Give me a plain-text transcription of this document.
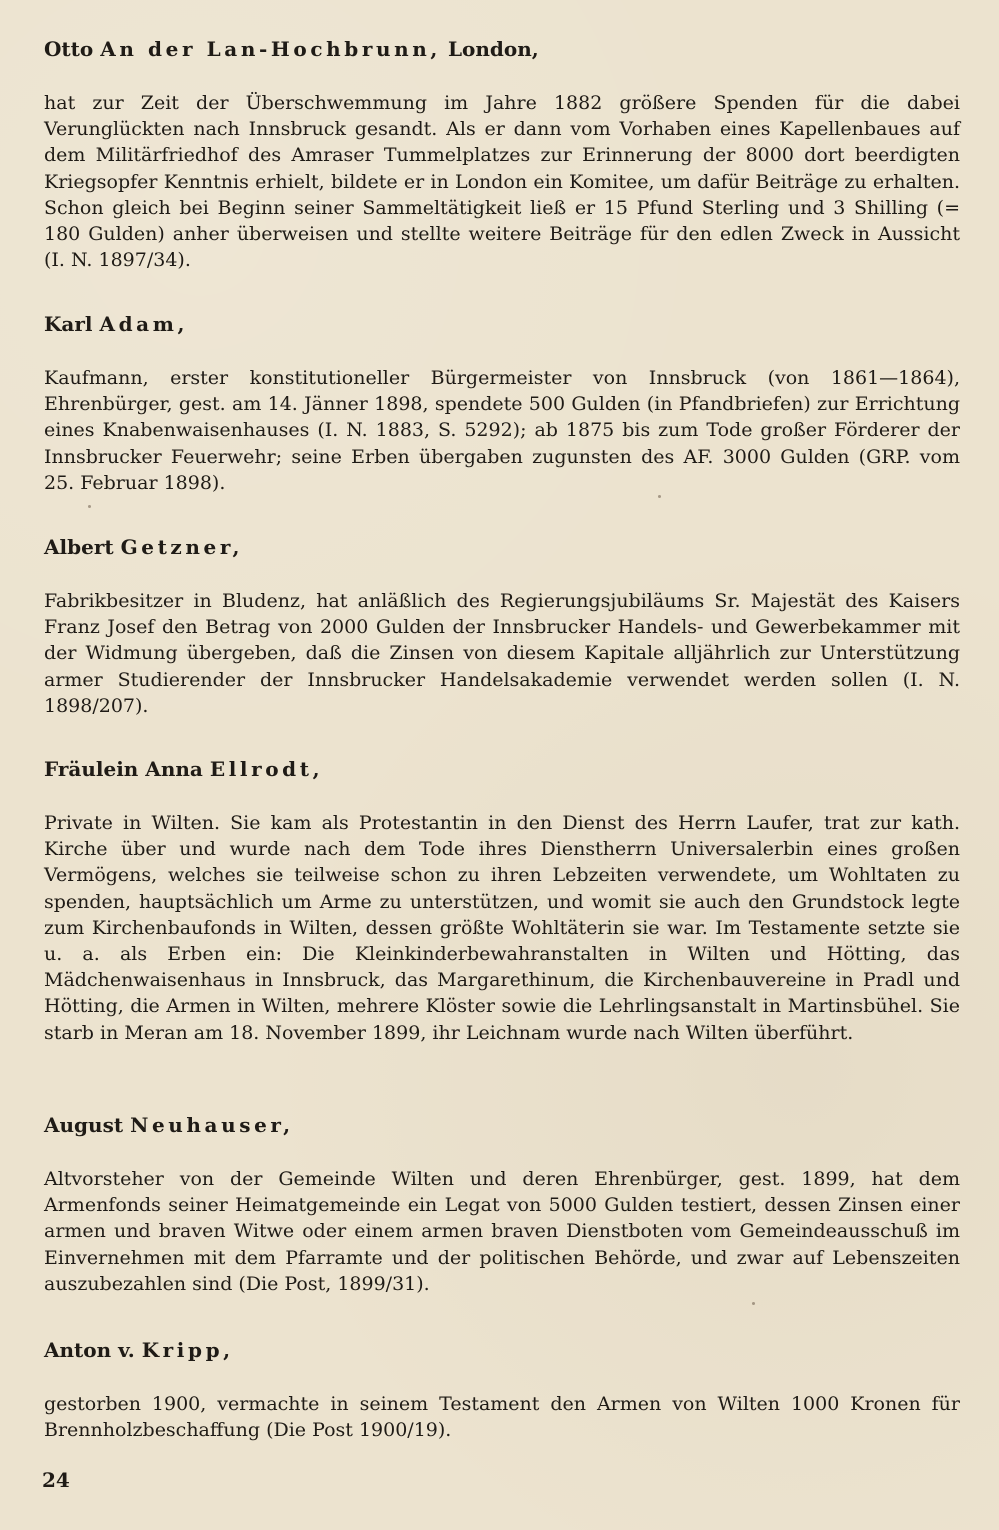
Otto An der Lan-Hochbrunn, London,

hat zur Zeit der Überschwemmung im Jahre 1882 größere Spenden für die dabei Verunglückten nach Innsbruck gesandt. Als er dann vom Vorhaben eines Kapellenbaues auf dem Militärfriedhof des Amraser Tummelplatzes zur Erinnerung der 8000 dort beerdigten Kriegsopfer Kenntnis erhielt, bildete er in London ein Komitee, um dafür Beiträge zu erhalten. Schon gleich bei Beginn seiner Sammeltätigkeit ließ er 15 Pfund Sterling und 3 Shilling (= 180 Gulden) anher überweisen und stellte weitere Beiträge für den edlen Zweck in Aussicht (I. N. 1897/34).

Karl Adam,

Kaufmann, erster konstitutioneller Bürgermeister von Innsbruck (von 1861—1864), Ehrenbürger, gest. am 14. Jänner 1898, spendete 500 Gulden (in Pfandbriefen) zur Errichtung eines Knabenwaisenhauses (I. N. 1883, S. 5292); ab 1875 bis zum Tode großer Förderer der Innsbrucker Feuerwehr; seine Erben übergaben zugunsten des AF. 3000 Gulden (GRP. vom 25. Februar 1898).

Albert Getzner,

Fabrikbesitzer in Bludenz, hat anläßlich des Regierungsjubiläums Sr. Majestät des Kaisers Franz Josef den Betrag von 2000 Gulden der Innsbrucker Handels- und Gewerbekammer mit der Widmung übergeben, daß die Zinsen von diesem Kapitale alljährlich zur Unterstützung armer Studierender der Innsbrucker Handelsakademie verwendet werden sollen (I. N. 1898/207).

Fräulein Anna Ellrodt,

Private in Wilten. Sie kam als Protestantin in den Dienst des Herrn Laufer, trat zur kath. Kirche über und wurde nach dem Tode ihres Dienstherrn Universalerbin eines großen Vermögens, welches sie teilweise schon zu ihren Lebzeiten verwendete, um Wohltaten zu spenden, hauptsächlich um Arme zu unterstützen, und womit sie auch den Grundstock legte zum Kirchenbaufonds in Wilten, dessen größte Wohltäterin sie war. Im Testamente setzte sie u. a. als Erben ein: Die Kleinkinderbewahranstalten in Wilten und Hötting, das Mädchenwaisenhaus in Innsbruck, das Margarethinum, die Kirchenbauvereine in Pradl und Hötting, die Armen in Wilten, mehrere Klöster sowie die Lehrlingsanstalt in Martinsbühel. Sie starb in Meran am 18. November 1899, ihr Leichnam wurde nach Wilten überführt.

August Neuhauser,

Altvorsteher von der Gemeinde Wilten und deren Ehrenbürger, gest. 1899, hat dem Armenfonds seiner Heimatgemeinde ein Legat von 5000 Gulden testiert, dessen Zinsen einer armen und braven Witwe oder einem armen braven Dienstboten vom Gemeindeausschuß im Einvernehmen mit dem Pfarramte und der politischen Behörde, und zwar auf Lebenszeiten auszubezahlen sind (Die Post, 1899/31).

Anton v. Kripp,

gestorben 1900, vermachte in seinem Testament den Armen von Wilten 1000 Kronen für Brennholzbeschaffung (Die Post 1900/19).
24
